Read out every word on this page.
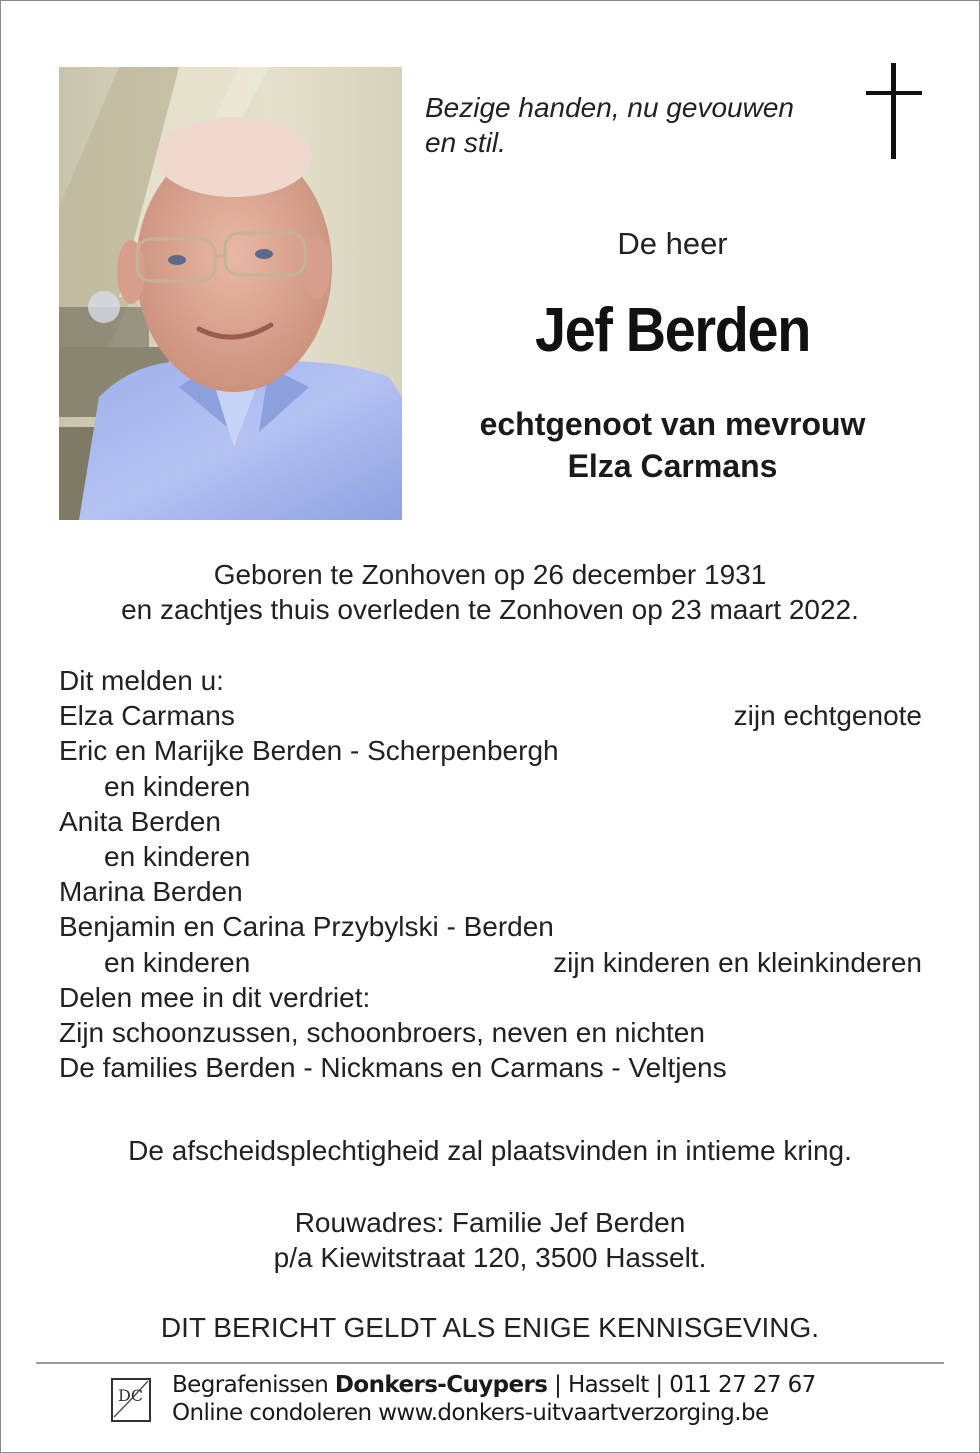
Bezige handen, nu gevouwen
en stil.
De heer
Jef Berden
echtgenoot van mevrouw
Elza Carmans
Geboren te Zonhoven op 26 december 1931
en zachtjes thuis overleden te Zonhoven op 23 maart 2022.
Dit melden u:
Elza Carmans	zijn echtgenote
Eric en Marijke Berden - Scherpenbergh
en kinderen
Anita Berden
en kinderen
Marina Berden
Benjamin en Carina Przybylski - Berden
en kinderen	zijn kinderen en kleinkinderen
Delen mee in dit verdriet:
Zijn schoonzussen, schoonbroers, neven en nichten
De families Berden - Nickmans en Carmans - Veltjens
De afscheidsplechtigheid zal plaatsvinden in intieme kring.
Rouwadres: Familie Jef Berden
p/a Kiewitstraat 120, 3500 Hasselt.
DIT BERICHT GELDT ALS ENIGE KENNISGEVING.
DC Begrafenissen Donkers-Cuypers | Hasselt | 011 27 27 67
Online condoleren www.donkers-uitvaartverzorging.be
